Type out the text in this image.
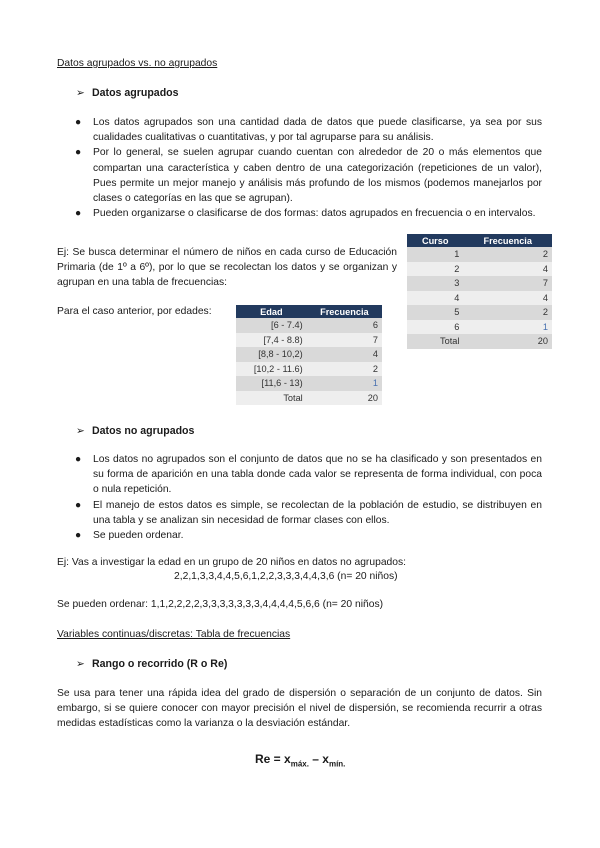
Datos agrupados vs. no agrupados
➢ Datos agrupados
● Los datos agrupados son una cantidad dada de datos que puede clasificarse, ya sea por sus cualidades cualitativas o cuantitativas, y por tal agruparse para su análisis.
● Por lo general, se suelen agrupar cuando cuentan con alrededor de 20 o más elementos que compartan una característica y caben dentro de una categorización (repeticiones de un valor), Pues permite un mejor manejo y análisis más profundo de los mismos (podemos manejarlos por clases o categorías en las que se agrupan).
● Pueden organizarse o clasificarse de dos formas: datos agrupados en frecuencia o en intervalos.
Ej: Se busca determinar el número de niños en cada curso de Educación Primaria (de 1º a 6º), por lo que se recolectan los datos y se organizan y agrupan en una tabla de frecuencias:
Curso	Frecuencia
1	2
2	4
3	7
4	4
5	2
6	1
Total	20
Para el caso anterior, por edades:	Edad	Frecuencia
[6 - 7.4)	6
[7,4 - 8.8)	7
[8,8 - 10,2)	4
[10,2 - 11.6)	2
[11,6 - 13)	1
Total	20
➢ Datos no agrupados
● Los datos no agrupados son el conjunto de datos que no se ha clasificado y son presentados en su forma de aparición en una tabla donde cada valor se representa de forma individual, con poca o nula repetición.
● El manejo de estos datos es simple, se recolectan de la población de estudio, se distribuyen en una tabla y se analizan sin necesidad de formar clases con ellos.
● Se pueden ordenar.
Ej: Vas a investigar la edad en un grupo de 20 niños en datos no agrupados:
2,2,1,3,3,4,4,5,6,1,2,2,3,3,3,4,4,3,6 (n= 20 niños)
Se pueden ordenar: 1,1,2,2,2,2,3,3,3,3,3,3,3,4,4,4,4,5,6,6 (n= 20 niños)
Variables continuas/discretas: Tabla de frecuencias
➢ Rango o recorrido (R o Re)
Se usa para tener una rápida idea del grado de dispersión o separación de un conjunto de datos. Sin embargo, si se quiere conocer con mayor precisión el nivel de dispersión, se recomienda recurrir a otras medidas estadísticas como la varianza o la desviación estándar.
$Re = x_{máx.} - x_{mín.}$
